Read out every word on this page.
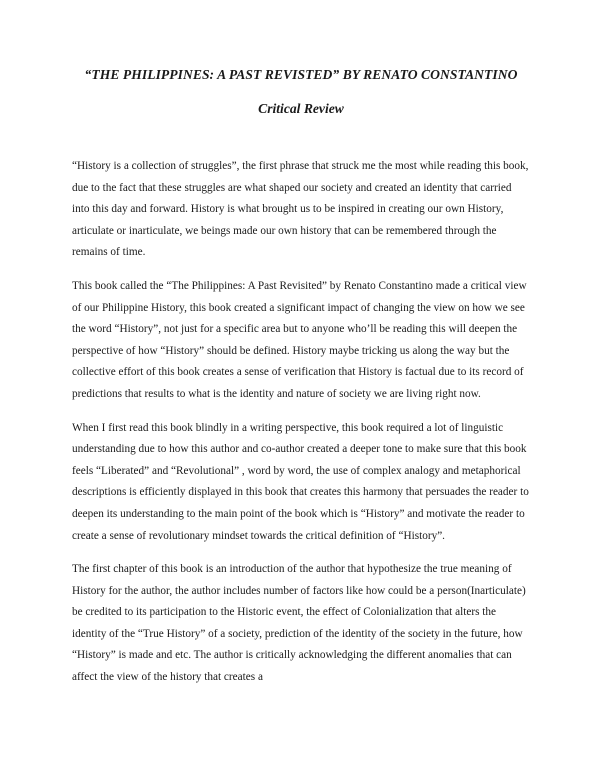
“THE PHILIPPINES: A PAST REVISTED” BY RENATO CONSTANTINO
Critical Review

“History is a collection of struggles”, the first phrase that struck me the most while reading this book, due to the fact that these struggles are what shaped our society and created an identity that carried into this day and forward. History is what brought us to be inspired in creating our own History, articulate or inarticulate, we beings made our own history that can be remembered through the remains of time.

This book called the “The Philippines: A Past Revisited” by Renato Constantino made a critical view of our Philippine History, this book created a significant impact of changing the view on how we see the word “History”, not just for a specific area but to anyone who’ll be reading this will deepen the perspective of how “History” should be defined. History maybe tricking us along the way but the collective effort of this book creates a sense of verification that History is factual due to its record of predictions that results to what is the identity and nature of society we are living right now.

When I first read this book blindly in a writing perspective, this book required a lot of linguistic understanding due to how this author and co-author created a deeper tone to make sure that this book feels “Liberated” and “Revolutional” , word by word, the use of complex analogy and metaphorical descriptions is efficiently displayed in this book that creates this harmony that persuades the reader to deepen its understanding to the main point of the book which is “History” and motivate the reader to create a sense of revolutionary mindset towards the critical definition of “History”.

The first chapter of this book is an introduction of the author that hypothesize the true meaning of History for the author, the author includes number of factors like how could be a person(Inarticulate) be credited to its participation to the Historic event, the effect of Colonialization that alters the identity of the “True History” of a society, prediction of the identity of the society in the future, how “History” is made and etc. The author is critically acknowledging the different anomalies that can affect the view of the history that creates a
